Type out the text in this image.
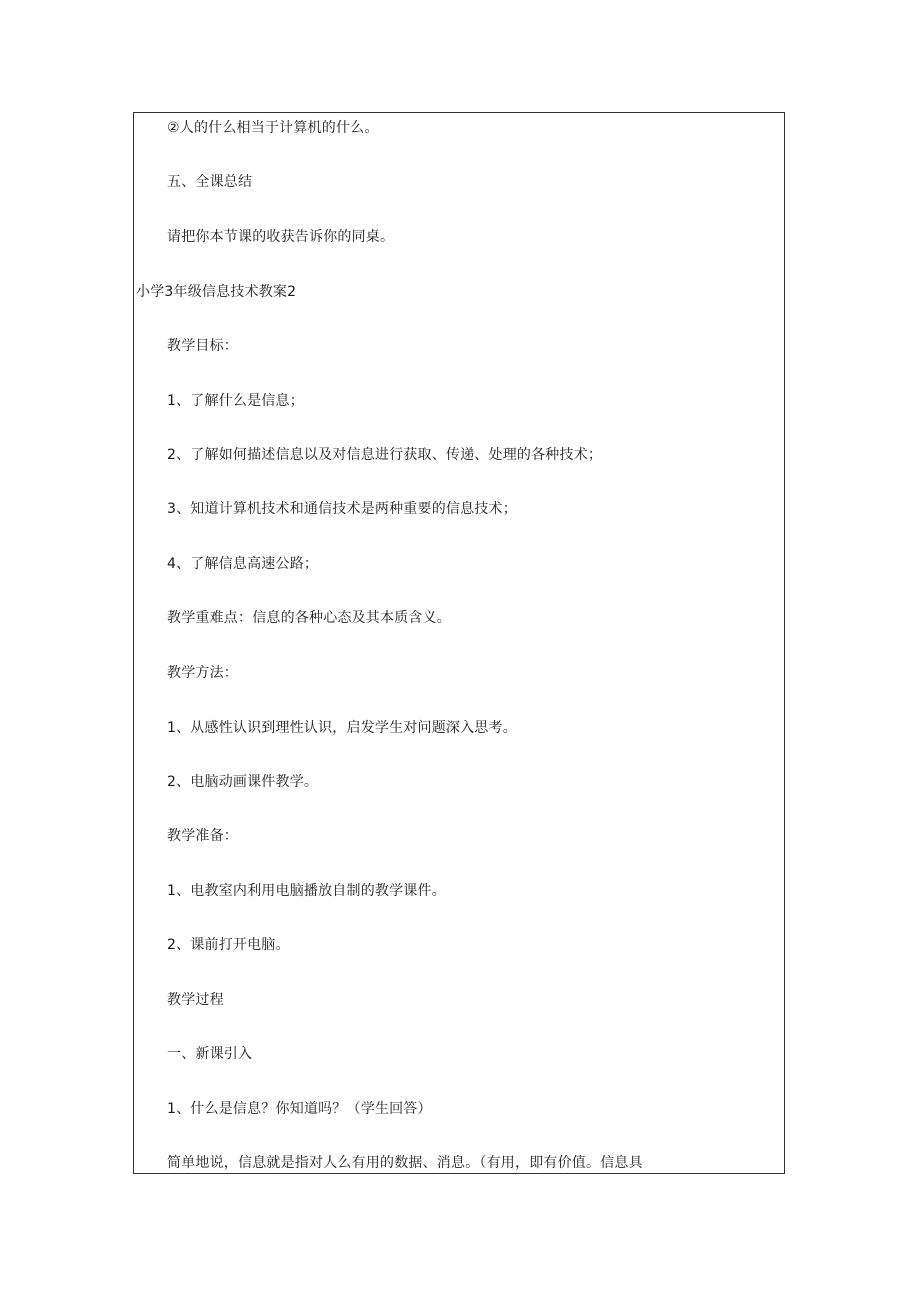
②人的什么相当于计算机的什么。
五、全课总结
请把你本节课的收获告诉你的同桌。
小学3年级信息技术教案2
教学目标：
1、了解什么是信息；
2、了解如何描述信息以及对信息进行获取、传递、处理的各种技术；
3、知道计算机技术和通信技术是两种重要的信息技术；
4、了解信息高速公路；
教学重难点：信息的各种心态及其本质含义。
教学方法：
1、从感性认识到理性认识，启发学生对问题深入思考。
2、电脑动画课件教学。
教学准备：
1、电教室内利用电脑播放自制的教学课件。
2、课前打开电脑。
教学过程
一、新课引入
1、什么是信息？你知道吗？（学生回答）
简单地说，信息就是指对人么有用的数据、消息。（有用，即有价值。信息具
